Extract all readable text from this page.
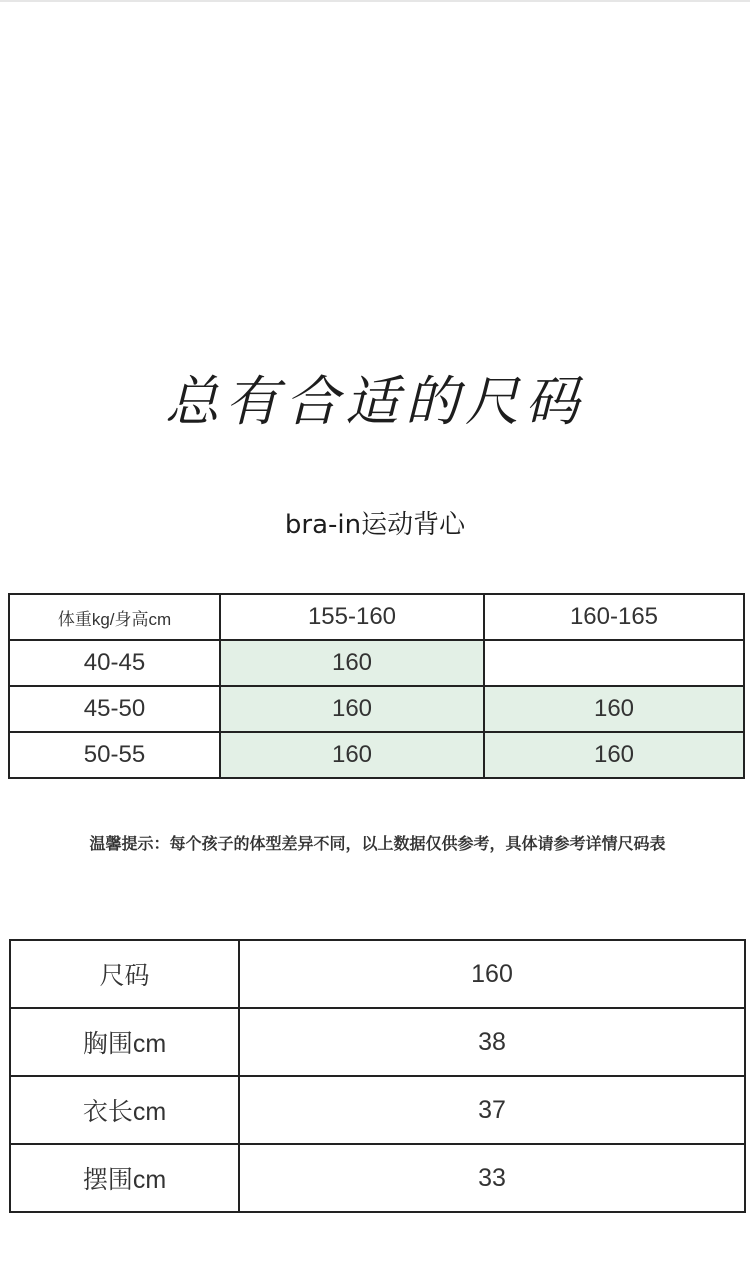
总有合适的尺码
bra-in运动背心
体重kg/身高cm	155-160	160-165
40-45	160	
45-50	160	160
50-55	160	160
温馨提示：每个孩子的体型差异不同，以上数据仅供参考，具体请参考详情尺码表
尺码	160
胸围cm	38
衣长cm	37
摆围cm	33
